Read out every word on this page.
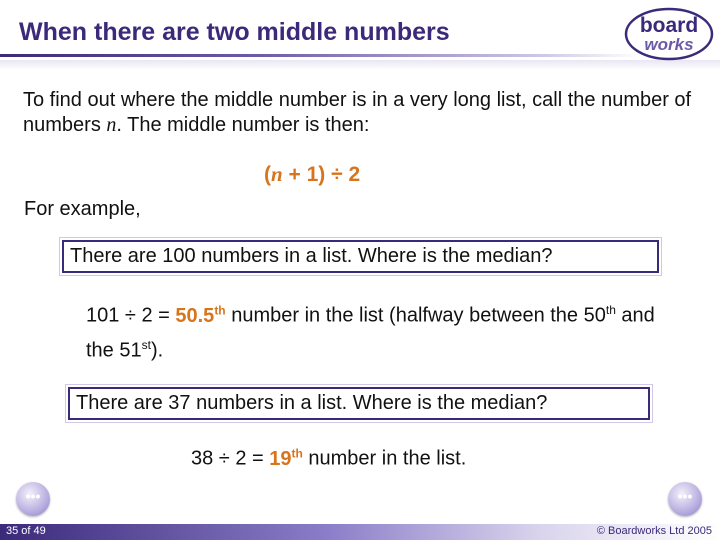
When there are two middle numbers	board
works
To find out where the middle number is in a very long list, call the number of numbers n. The middle number is then:
(n + 1) ÷ 2
For example,
There are 100 numbers in a list. Where is the median?
101 ÷ 2 = 50.5th number in the list (halfway between the 50th and the 51st).
There are 37 numbers in a list. Where is the median?
38 ÷ 2 = 19th number in the list.
•••	•••
35 of 49	© Boardworks Ltd 2005
